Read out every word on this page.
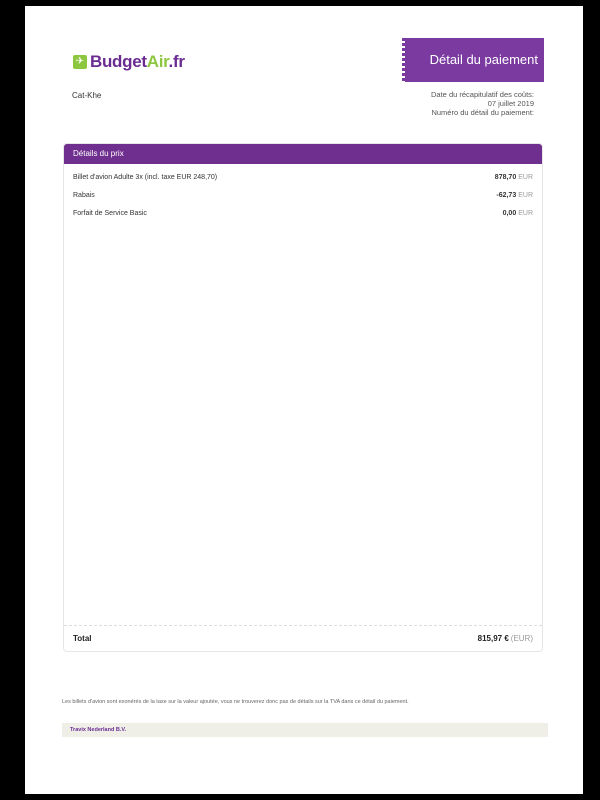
✈ BudgetAir.fr	Détail du paiement
Cat-Khe	Date du récapitulatif des coûts:
07 juillet 2019
Numéro du détail du paiement:
Détails du prix
Billet d'avion Adulte 3x (incl. taxe EUR 248,70)	878,70 EUR
Rabais	-62,73 EUR
Forfait de Service Basic	0,00 EUR
Total	815,97 € (EUR)
Les billets d'avion sont exonérés de la taxe sur la valeur ajoutée, vous ne trouverez donc pas de détails sur la TVA dans ce détail du paiement.
Travix Nederland B.V.
